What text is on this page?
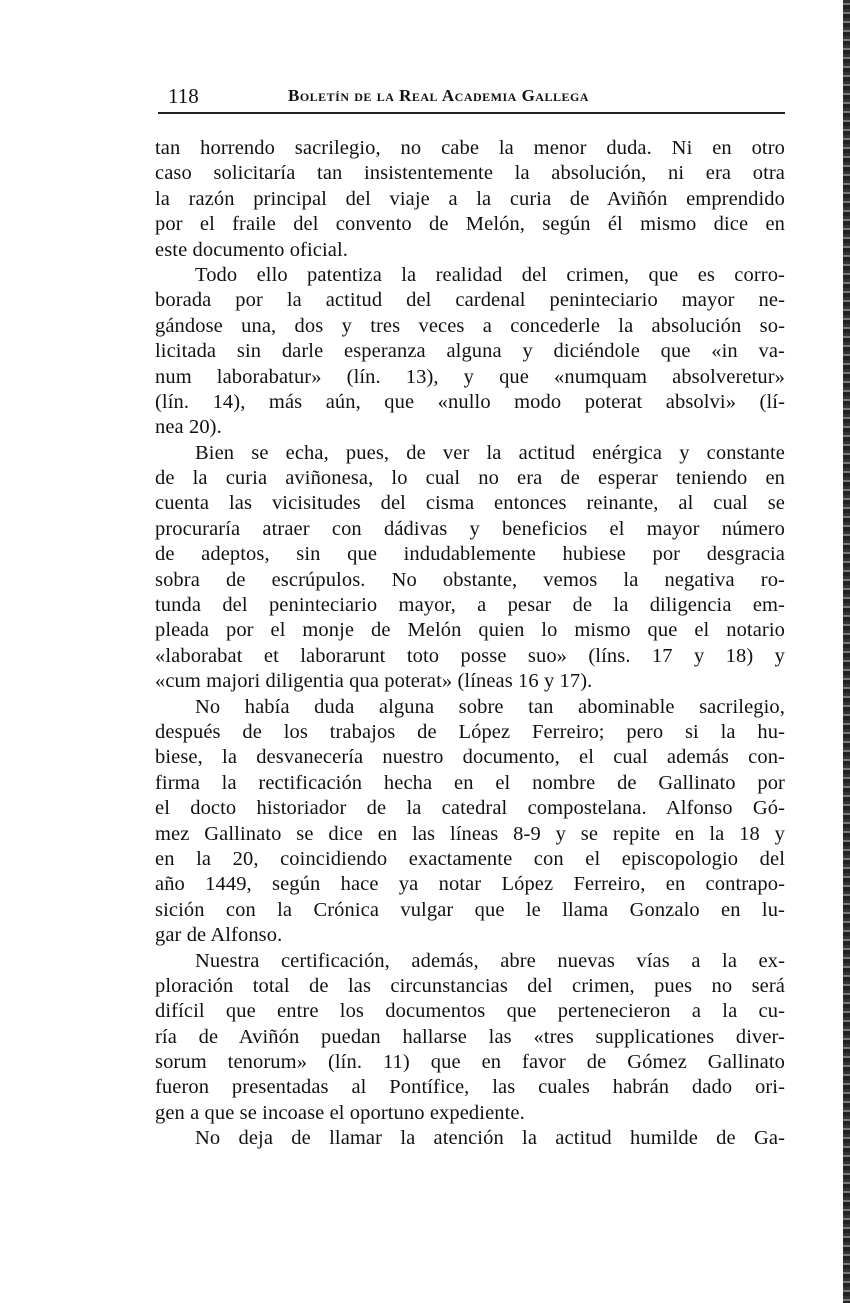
118	Boletín de la Real Academia Gallega
tan horrendo sacrilegio, no cabe la menor duda. Ni en otro
caso solicitaría tan insistentemente la absolución, ni era otra
la razón principal del viaje a la curia de Aviñón emprendido
por el fraile del convento de Melón, según él mismo dice en
este documento oficial.
Todo ello patentiza la realidad del crimen, que es corro-
borada por la actitud del cardenal peninteciario mayor ne-
gándose una, dos y tres veces a concederle la absolución so-
licitada sin darle esperanza alguna y diciéndole que «in va-
num laborabatur» (lín. 13), y que «numquam absolveretur»
(lín. 14), más aún, que «nullo modo poterat absolvi» (lí-
nea 20).
Bien se echa, pues, de ver la actitud enérgica y constante
de la curia aviñonesa, lo cual no era de esperar teniendo en
cuenta las vicisitudes del cisma entonces reinante, al cual se
procuraría atraer con dádivas y beneficios el mayor número
de adeptos, sin que indudablemente hubiese por desgracia
sobra de escrúpulos. No obstante, vemos la negativa ro-
tunda del peninteciario mayor, a pesar de la diligencia em-
pleada por el monje de Melón quien lo mismo que el notario
«laborabat et laborarunt toto posse suo» (líns. 17 y 18) y
«cum majori diligentia qua poterat» (líneas 16 y 17).
No había duda alguna sobre tan abominable sacrilegio,
después de los trabajos de López Ferreiro; pero si la hu-
biese, la desvanecería nuestro documento, el cual además con-
firma la rectificación hecha en el nombre de Gallinato por
el docto historiador de la catedral compostelana. Alfonso Gó-
mez Gallinato se dice en las líneas 8-9 y se repite en la 18 y
en la 20, coincidiendo exactamente con el episcopologio del
año 1449, según hace ya notar López Ferreiro, en contrapo-
sición con la Crónica vulgar que le llama Gonzalo en lu-
gar de Alfonso.
Nuestra certificación, además, abre nuevas vías a la ex-
ploración total de las circunstancias del crimen, pues no será
difícil que entre los documentos que pertenecieron a la cu-
ría de Aviñón puedan hallarse las «tres supplicationes diver-
sorum tenorum» (lín. 11) que en favor de Gómez Gallinato
fueron presentadas al Pontífice, las cuales habrán dado ori-
gen a que se incoase el oportuno expediente.
No deja de llamar la atención la actitud humilde de Ga-
